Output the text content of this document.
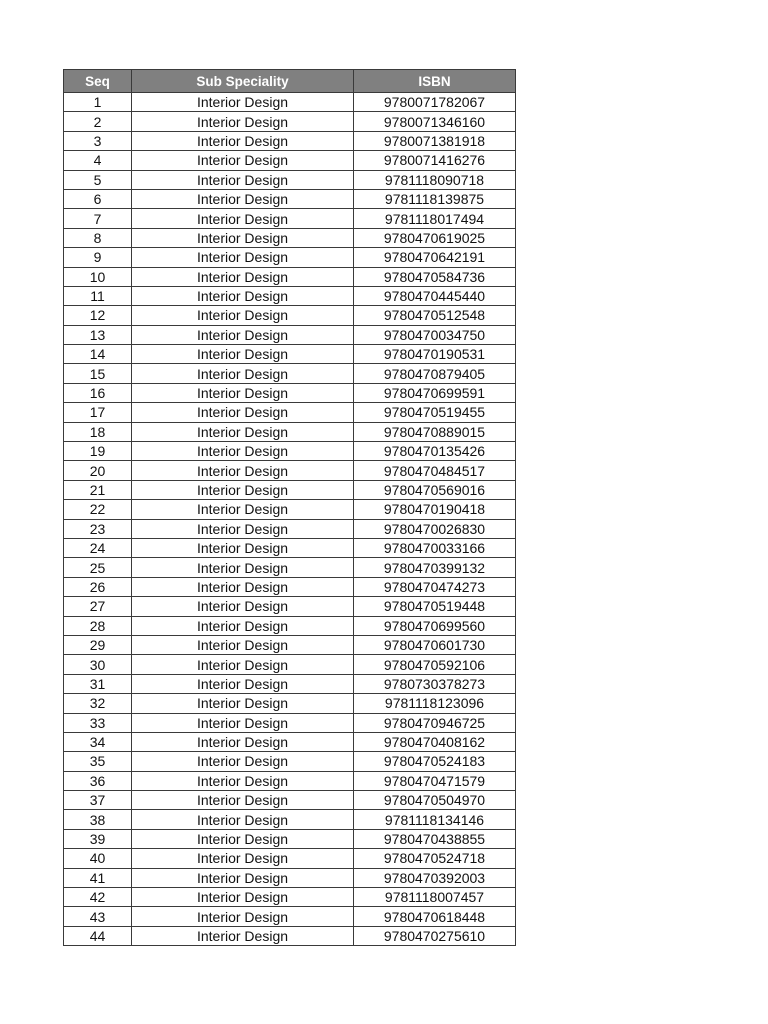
Seq	Sub Speciality	ISBN
1	Interior Design	9780071782067
2	Interior Design	9780071346160
3	Interior Design	9780071381918
4	Interior Design	9780071416276
5	Interior Design	9781118090718
6	Interior Design	9781118139875
7	Interior Design	9781118017494
8	Interior Design	9780470619025
9	Interior Design	9780470642191
10	Interior Design	9780470584736
11	Interior Design	9780470445440
12	Interior Design	9780470512548
13	Interior Design	9780470034750
14	Interior Design	9780470190531
15	Interior Design	9780470879405
16	Interior Design	9780470699591
17	Interior Design	9780470519455
18	Interior Design	9780470889015
19	Interior Design	9780470135426
20	Interior Design	9780470484517
21	Interior Design	9780470569016
22	Interior Design	9780470190418
23	Interior Design	9780470026830
24	Interior Design	9780470033166
25	Interior Design	9780470399132
26	Interior Design	9780470474273
27	Interior Design	9780470519448
28	Interior Design	9780470699560
29	Interior Design	9780470601730
30	Interior Design	9780470592106
31	Interior Design	9780730378273
32	Interior Design	9781118123096
33	Interior Design	9780470946725
34	Interior Design	9780470408162
35	Interior Design	9780470524183
36	Interior Design	9780470471579
37	Interior Design	9780470504970
38	Interior Design	9781118134146
39	Interior Design	9780470438855
40	Interior Design	9780470524718
41	Interior Design	9780470392003
42	Interior Design	9781118007457
43	Interior Design	9780470618448
44	Interior Design	9780470275610
